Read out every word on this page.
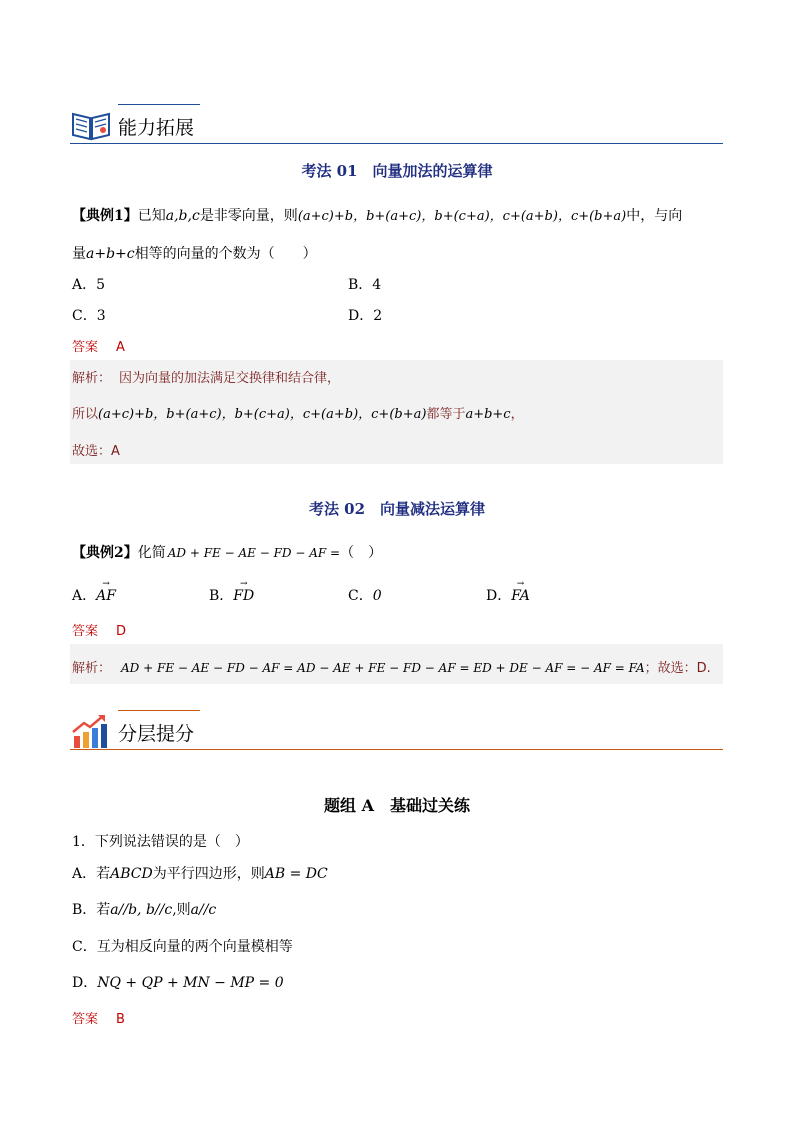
能力拓展
考法 01　向量加法的运算律
【典例1】已知a,b,c是非零向量，则(a+c)+b，b+(a+c)，b+(c+a)，c+(a+b)，c+(b+a)中，与向
量a+b+c相等的向量的个数为（　　）
A．5	B．4
C．3	D．2
答案 A
解析： 因为向量的加法满足交换律和结合律，
所以(a+c)+b，b+(a+c)，b+(c+a)，c+(a+b)，c+(b+a)都等于a+b+c，
故选：A
考法 02　向量减法运算律
【典例2】化简 AD + FE − AE − FD − AF =（　）
A．→ AF	B．→ FD	C．0	D．→ FA
答案 D
解析： AD + FE − AE − FD − AF = AD − AE + FE − FD − AF = ED + DE − AF = − AF = FA；故选：D.
分层提分
题组 A　基础过关练
1．下列说法错误的是（　）
A．若ABCD为平行四边形，则AB = DC
B．若a//b, b//c,则a//c
C．互为相反向量的两个向量模相等
D．NQ + QP + MN − MP = 0
答案 B
